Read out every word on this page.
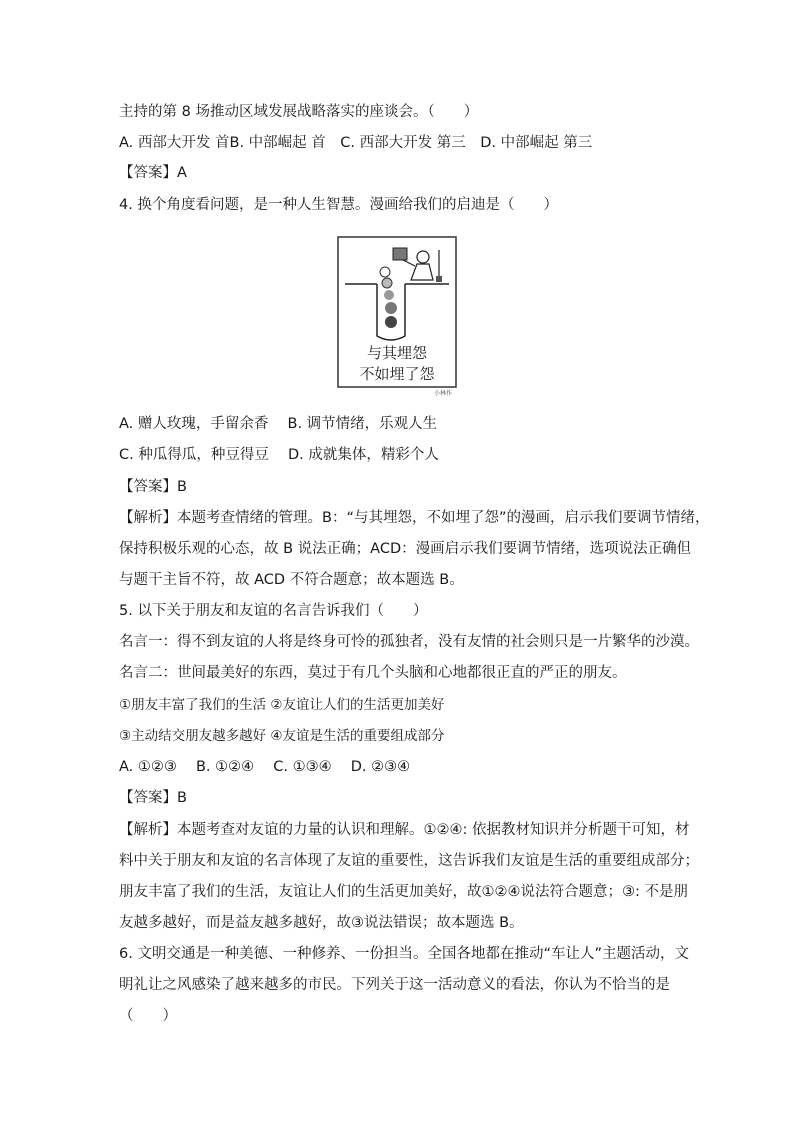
主持的第 8 场推动区域发展战略落实的座谈会。（　　）
A. 西部大开发 首B. 中部崛起 首　C. 西部大开发 第三　D. 中部崛起 第三
【答案】A
4. 换个角度看问题，是一种人生智慧。漫画给我们的启迪是（　　）
与其埋怨
不如埋了怨
小林作
A. 赠人玫瑰，手留余香　 B. 调节情绪，乐观人生
C. 种瓜得瓜，种豆得豆　 D. 成就集体，精彩个人
【答案】B
【解析】本题考查情绪的管理。B：“与其埋怨，不如埋了怨”的漫画，启示我们要调节情绪，
保持积极乐观的心态，故 B 说法正确；ACD：漫画启示我们要调节情绪，选项说法正确但
与题干主旨不符，故 ACD 不符合题意；故本题选 B。
5. 以下关于朋友和友谊的名言告诉我们（　　）
名言一：得不到友谊的人将是终身可怜的孤独者，没有友情的社会则只是一片繁华的沙漠。
名言二：世间最美好的东西，莫过于有几个头脑和心地都很正直的严正的朋友。
①朋友丰富了我们的生活 ②友谊让人们的生活更加美好
③主动结交朋友越多越好 ④友谊是生活的重要组成部分
A. ①②③　 B. ①②④　 C. ①③④　 D. ②③④
【答案】B
【解析】本题考查对友谊的力量的认识和理解。①②④: 依据教材知识并分析题干可知，材
料中关于朋友和友谊的名言体现了友谊的重要性，这告诉我们友谊是生活的重要组成部分；
朋友丰富了我们的生活，友谊让人们的生活更加美好，故①②④说法符合题意；③: 不是朋
友越多越好，而是益友越多越好，故③说法错误；故本题选 B。
6. 文明交通是一种美德、一种修养、一份担当。全国各地都在推动“车让人”主题活动，文
明礼让之风感染了越来越多的市民。下列关于这一活动意义的看法，你认为不恰当的是
（　　）
